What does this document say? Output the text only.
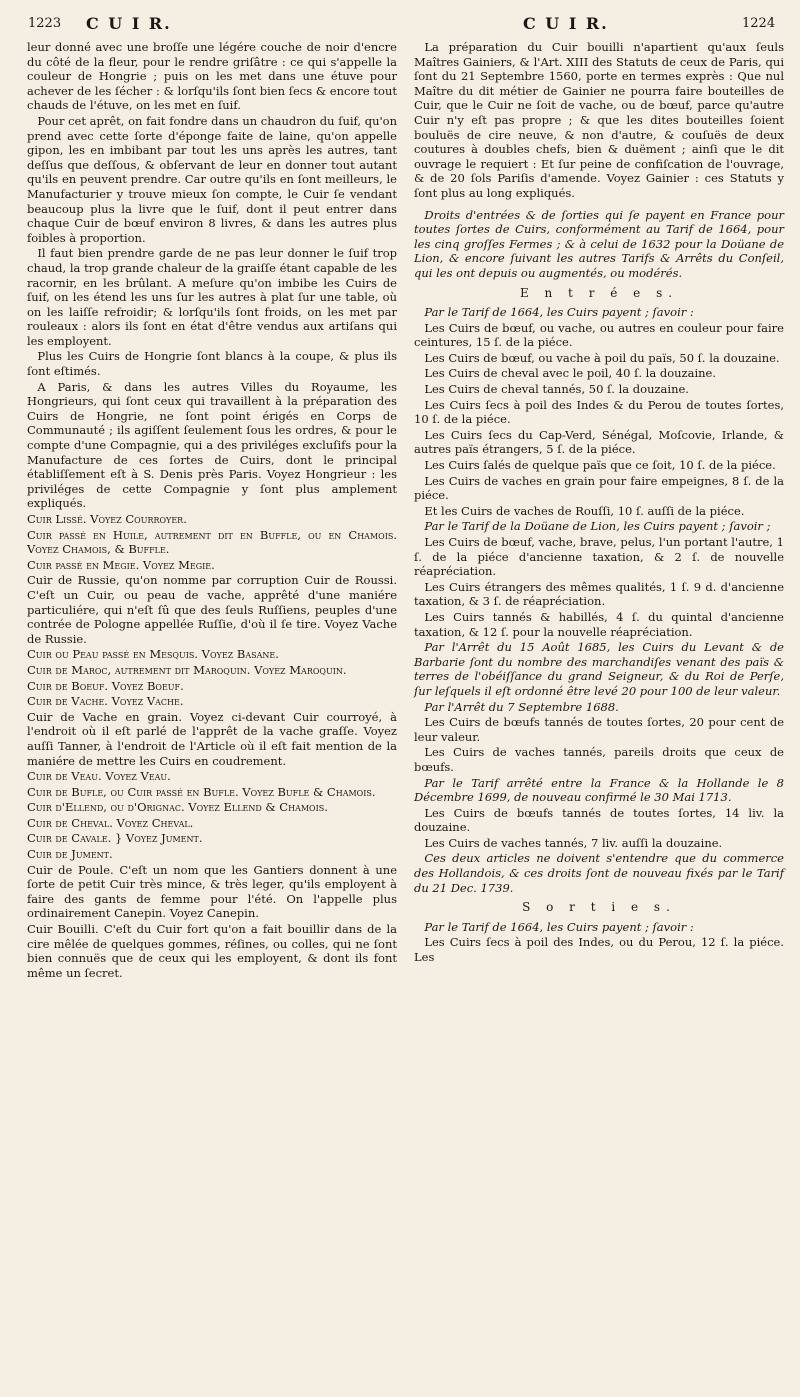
1223 C U I R.	C U I R.	1224

leur donné avec une broſſe une légére couche de noir d'encre du côté de la fleur, pour le rendre griſâtre : ce qui s'appelle la couleur de Hongrie ; puis on les met dans une étuve pour achever de les ſécher : & lorſqu'ils ſont bien ſecs & encore tout chauds de l'étuve, on les met en ſuif.

Pour cet aprêt, on fait fondre dans un chaudron du ſuif, qu'on prend avec cette ſorte d'éponge faite de laine, qu'on appelle gipon, les en imbibant par tout les uns après les autres, tant deſſus que deſſous, & obſervant de leur en donner tout autant qu'ils en peuvent prendre. Car outre qu'ils en ſont meilleurs, le Manufacturier y trouve mieux ſon compte, le Cuir ſe vendant beaucoup plus la livre que le ſuif, dont il peut entrer dans chaque Cuir de bœuf environ 8 livres, & dans les autres plus foibles à proportion.

Il faut bien prendre garde de ne pas leur donner le ſuif trop chaud, la trop grande chaleur de la graiſſe étant capable de les racornir, en les brûlant. A meſure qu'on imbibe les Cuirs de ſuif, on les étend les uns ſur les autres à plat ſur une table, où on les laiſſe refroidir; & lorſqu'ils ſont froids, on les met par rouleaux : alors ils ſont en état d'être vendus aux artiſans qui les employent.

Plus les Cuirs de Hongrie ſont blancs à la coupe, & plus ils ſont eſtimés.

A Paris, & dans les autres Villes du Royaume, les Hongrieurs, qui ſont ceux qui travaillent à la préparation des Cuirs de Hongrie, ne ſont point érigés en Corps de Communauté ; ils agiſſent ſeulement ſous les ordres, & pour le compte d'une Compagnie, qui a des priviléges excluſifs pour la Manufacture de ces ſortes de Cuirs, dont le principal établiſſement eſt à S. Denis près Paris. Voyez Hongrieur : les priviléges de cette Compagnie y ſont plus amplement expliqués.

Cuir Lissé. Voyez Courroyer.

Cuir passé en Huile, autrement dit en Buffle, ou en Chamois. Voyez Chamois, & Buffle.

Cuir passé en Megie. Voyez Megie.

Cuir de Russie, qu'on nomme par corruption Cuir de Roussi. C'eſt un Cuir, ou peau de vache, apprêté d'une maniére particuliére, qui n'eſt ſû que des ſeuls Ruſſiens, peuples d'une contrée de Pologne appellée Ruſſie, d'où il ſe tire. Voyez Vache de Russie.

Cuir ou Peau passé en Mesquis. Voyez Basane.

Cuir de Maroc, autrement dit Maroquin. Voyez Maroquin.

Cuir de Boeuf. Voyez Boeuf.

Cuir de Vache. Voyez Vache.

Cuir de Vache en grain. Voyez ci-devant Cuir courroyé, à l'endroit où il eſt parlé de l'apprêt de la vache graſſe. Voyez auſſi Tanner, à l'endroit de l'Article où il eſt fait mention de la maniére de mettre les Cuirs en coudrement.

Cuir de Veau. Voyez Veau.

Cuir de Bufle, ou Cuir passé en Bufle. Voyez Bufle & Chamois.

Cuir d'Ellend, ou d'Orignac. Voyez Ellend & Chamois.

Cuir de Cheval. Voyez Cheval.

Cuir de Cavale. } Voyez Jument.

Cuir de Jument.

Cuir de Poule. C'eſt un nom que les Gantiers donnent à une ſorte de petit Cuir très mince, & très leger, qu'ils employent à faire des gants de femme pour l'été. On l'appelle plus ordinairement Canepin. Voyez Canepin.

Cuir Bouilli. C'eſt du Cuir fort qu'on a fait bouillir dans de la cire mêlée de quelques gommes, réſines, ou colles, qui ne ſont bien connuës que de ceux qui les employent, & dont ils font même un ſecret.

La préparation du Cuir bouilli n'apartient qu'aux ſeuls Maîtres Gainiers, & l'Art. XIII des Statuts de ceux de Paris, qui ſont du 21 Septembre 1560, porte en termes exprès : Que nul Maître du dit métier de Gainier ne pourra faire bouteilles de Cuir, que le Cuir ne ſoit de vache, ou de bœuf, parce qu'autre Cuir n'y eſt pas propre ; & que les dites bouteilles ſoient bouluës de cire neuve, & non d'autre, & couſuës de deux coutures à doubles chefs, bien & duëment ; ainſi que le dit ouvrage le requiert : Et ſur peine de confiſcation de l'ouvrage, & de 20 ſols Pariſis d'amende. Voyez Gainier : ces Statuts y ſont plus au long expliqués.

Droits d'entrées & de ſorties qui ſe payent en France pour toutes ſortes de Cuirs, conformément au Tarif de 1664, pour les cinq groſſes Fermes ; & à celui de 1632 pour la Doüane de Lion, & encore ſuivant les autres Tarifs & Arrêts du Conſeil, qui les ont depuis ou augmentés, ou modérés.

E n t r é e s.

Par le Tarif de 1664, les Cuirs payent ; ſavoir :

Les Cuirs de bœuf, ou vache, ou autres en couleur pour faire ceintures, 15 ſ. de la piéce.

Les Cuirs de bœuf, ou vache à poil du païs, 50 ſ. la douzaine.

Les Cuirs de cheval avec le poil, 40 ſ. la douzaine.

Les Cuirs de cheval tannés, 50 ſ. la douzaine.

Les Cuirs ſecs à poil des Indes & du Perou de toutes ſortes, 10 ſ. de la piéce.

Les Cuirs ſecs du Cap-Verd, Sénégal, Moſcovie, Irlande, & autres païs étrangers, 5 ſ. de la piéce.

Les Cuirs ſalés de quelque païs que ce ſoit, 10 ſ. de la piéce.

Les Cuirs de vaches en grain pour faire empeignes, 8 ſ. de la piéce.

Et les Cuirs de vaches de Rouſſi, 10 ſ. auſſi de la piéce.

Par le Tarif de la Doüane de Lion, les Cuirs payent ; ſavoir ;

Les Cuirs de bœuf, vache, brave, pelus, l'un portant l'autre, 1 ſ. de la piéce d'ancienne taxation, & 2 ſ. de nouvelle réapréciation.

Les Cuirs étrangers des mêmes qualités, 1 ſ. 9 d. d'ancienne taxation, & 3 ſ. de réapréciation.

Les Cuirs tannés & habillés, 4 ſ. du quintal d'ancienne taxation, & 12 ſ. pour la nouvelle réapréciation.

Par l'Arrêt du 15 Août 1685, les Cuirs du Levant & de Barbarie ſont du nombre des marchandiſes venant des païs & terres de l'obéiſſance du grand Seigneur, & du Roi de Perſe, ſur leſquels il eſt ordonné être levé 20 pour 100 de leur valeur.

Par l'Arrêt du 7 Septembre 1688.

Les Cuirs de bœufs tannés de toutes ſortes, 20 pour cent de leur valeur.

Les Cuirs de vaches tannés, pareils droits que ceux de bœufs.

Par le Tarif arrêté entre la France & la Hollande le 8 Décembre 1699, de nouveau confirmé le 30 Mai 1713.

Les Cuirs de bœufs tannés de toutes ſortes, 14 liv. la douzaine.

Les Cuirs de vaches tannés, 7 liv. auſſi la douzaine.

Ces deux articles ne doivent s'entendre que du commerce des Hollandois, & ces droits ſont de nouveau fixés par le Tarif du 21 Dec. 1739.

S o r t i e s.

Par le Tarif de 1664, les Cuirs payent ; ſavoir :

Les Cuirs ſecs à poil des Indes, ou du Perou, 12 ſ. la piéce. Les
